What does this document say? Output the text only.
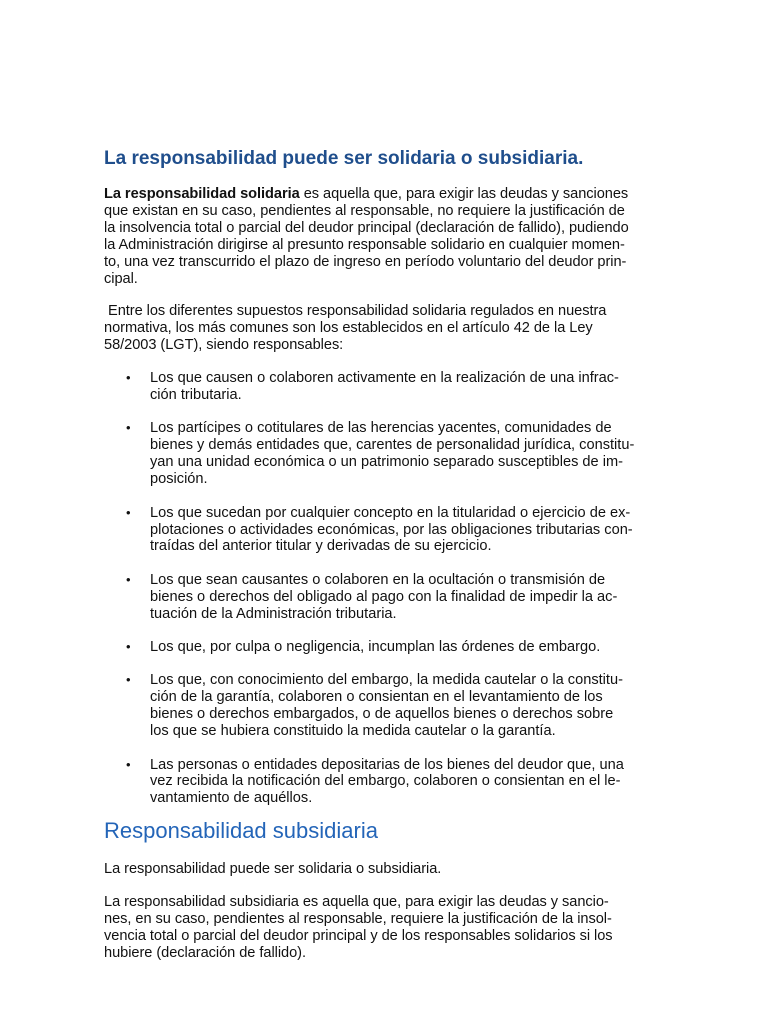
La responsabilidad puede ser solidaria o subsidiaria.

La responsabilidad solidaria es aquella que, para exigir las deudas y sanciones
que existan en su caso, pendientes al responsable, no requiere la justificación de
la insolvencia total o parcial del deudor principal (declaración de fallido), pudiendo
la Administración dirigirse al presunto responsable solidario en cualquier momen-
to, una vez transcurrido el plazo de ingreso en período voluntario del deudor prin-
cipal.

Entre los diferentes supuestos responsabilidad solidaria regulados en nuestra
normativa, los más comunes son los establecidos en el artículo 42 de la Ley
58/2003 (LGT), siendo responsables:

• Los que causen o colaboren activamente en la realización de una infrac-
ción tributaria.
• Los partícipes o cotitulares de las herencias yacentes, comunidades de
bienes y demás entidades que, carentes de personalidad jurídica, constitu-
yan una unidad económica o un patrimonio separado susceptibles de im-
posición.
• Los que sucedan por cualquier concepto en la titularidad o ejercicio de ex-
plotaciones o actividades económicas, por las obligaciones tributarias con-
traídas del anterior titular y derivadas de su ejercicio.
• Los que sean causantes o colaboren en la ocultación o transmisión de
bienes o derechos del obligado al pago con la finalidad de impedir la ac-
tuación de la Administración tributaria.
• Los que, por culpa o negligencia, incumplan las órdenes de embargo.
• Los que, con conocimiento del embargo, la medida cautelar o la constitu-
ción de la garantía, colaboren o consientan en el levantamiento de los
bienes o derechos embargados, o de aquellos bienes o derechos sobre
los que se hubiera constituido la medida cautelar o la garantía.
• Las personas o entidades depositarias de los bienes del deudor que, una
vez recibida la notificación del embargo, colaboren o consientan en el le-
vantamiento de aquéllos.
Responsabilidad subsidiaria

La responsabilidad puede ser solidaria o subsidiaria.

La responsabilidad subsidiaria es aquella que, para exigir las deudas y sancio-
nes, en su caso, pendientes al responsable, requiere la justificación de la insol-
vencia total o parcial del deudor principal y de los responsables solidarios si los
hubiere (declaración de fallido).
